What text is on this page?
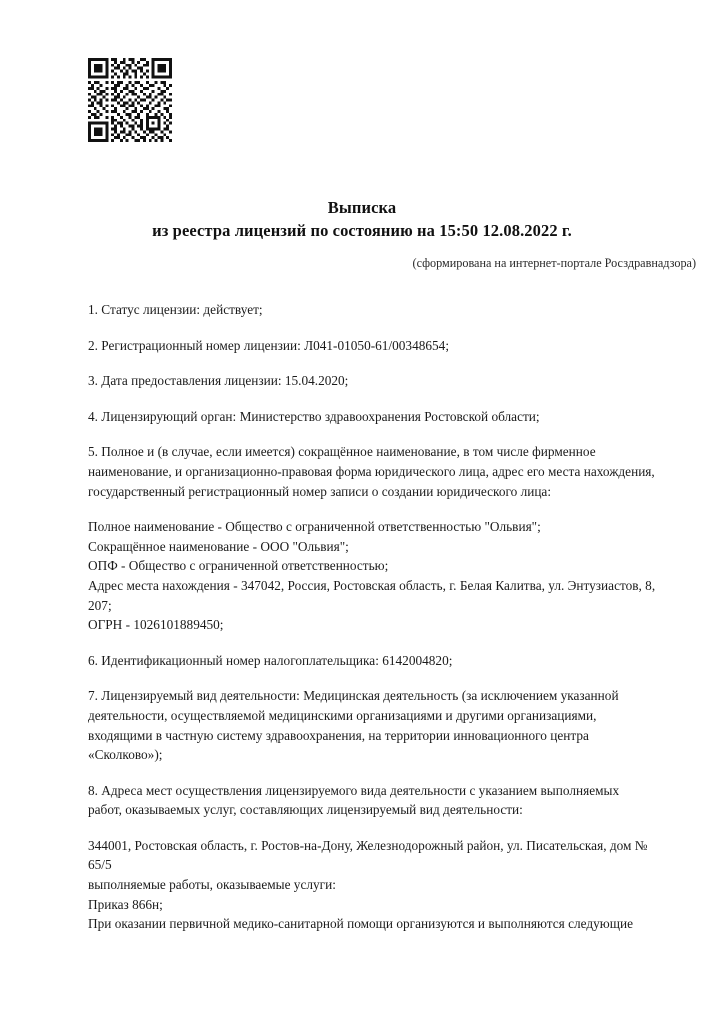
Выписка
из реестра лицензий по состоянию на 15:50 12.08.2022 г.
(сформирована на интернет-портале Росздравнадзора)

1. Статус лицензии: действует;

2. Регистрационный номер лицензии: Л041-01050-61/00348654;

3. Дата предоставления лицензии: 15.04.2020;

4. Лицензирующий орган: Министерство здравоохранения Ростовской области;

5. Полное и (в случае, если имеется) сокращённое наименование, в том числе фирменное наименование, и организационно-правовая форма юридического лица, адрес его места нахождения, государственный регистрационный номер записи о создании юридического лица:

Полное наименование - Общество с ограниченной ответственностью "Ольвия";
Сокращённое наименование - ООО "Ольвия";
ОПФ - Общество с ограниченной ответственностью;
Адрес места нахождения - 347042, Россия, Ростовская область, г. Белая Калитва, ул. Энтузиастов, 8, 207;
ОГРН - 1026101889450;

6. Идентификационный номер налогоплательщика: 6142004820;

7. Лицензируемый вид деятельности: Медицинская деятельность (за исключением указанной деятельности, осуществляемой медицинскими организациями и другими организациями, входящими в частную систему здравоохранения, на территории инновационного центра «Сколково»);

8. Адреса мест осуществления лицензируемого вида деятельности с указанием выполняемых работ, оказываемых услуг, составляющих лицензируемый вид деятельности:

344001, Ростовская область, г. Ростов-на-Дону, Железнодорожный район, ул. Писательская, дом № 65/5
выполняемые работы, оказываемые услуги:
Приказ 866н;
При оказании первичной медико-санитарной помощи организуются и выполняются следующие
